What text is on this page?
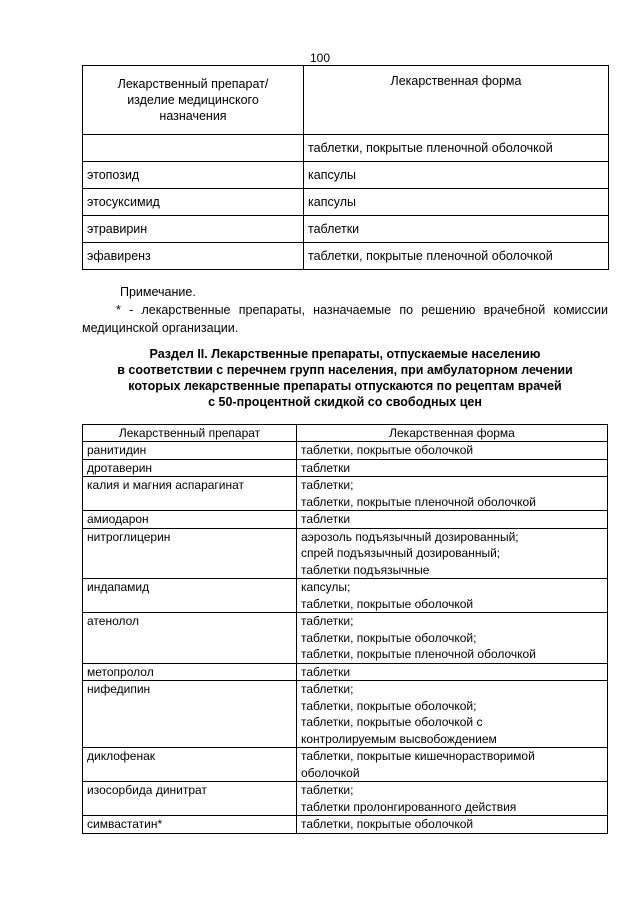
100
Лекарственный препарат/
изделие медицинского
назначения	Лекарственная форма
	таблетки, покрытые пленочной оболочкой
этопозид	капсулы
этосуксимид	капсулы
этравирин	таблетки
эфавиренз	таблетки, покрытые пленочной оболочкой
Примечание.
* - лекарственные препараты, назначаемые по решению врачебной комиссии медицинской организации.
Раздел II. Лекарственные препараты, отпускаемые населению
в соответствии с перечнем групп населения, при амбулаторном лечении
которых лекарственные препараты отпускаются по рецептам врачей
с 50-процентной скидкой со свободных цен
Лекарственный препарат	Лекарственная форма
ранитидин	таблетки, покрытые оболочкой

дротаверин	таблетки

калия и магния аспарагинат	таблетки;
таблетки, покрытые пленочной оболочкой

амиодарон	таблетки

нитроглицерин	аэрозоль подъязычный дозированный;
спрей подъязычный дозированный;
таблетки подъязычные

индапамид	капсулы;
таблетки, покрытые оболочкой

атенолол	таблетки;
таблетки, покрытые оболочкой;
таблетки, покрытые пленочной оболочкой

метопролол	таблетки

нифедипин	таблетки;
таблетки, покрытые оболочкой;
таблетки, покрытые оболочкой с
контролируемым высвобождением

диклофенак	таблетки, покрытые кишечнорастворимой
оболочкой

изосорбида динитрат	таблетки;
таблетки пролонгированного действия

симвастатин*	таблетки, покрытые оболочкой
